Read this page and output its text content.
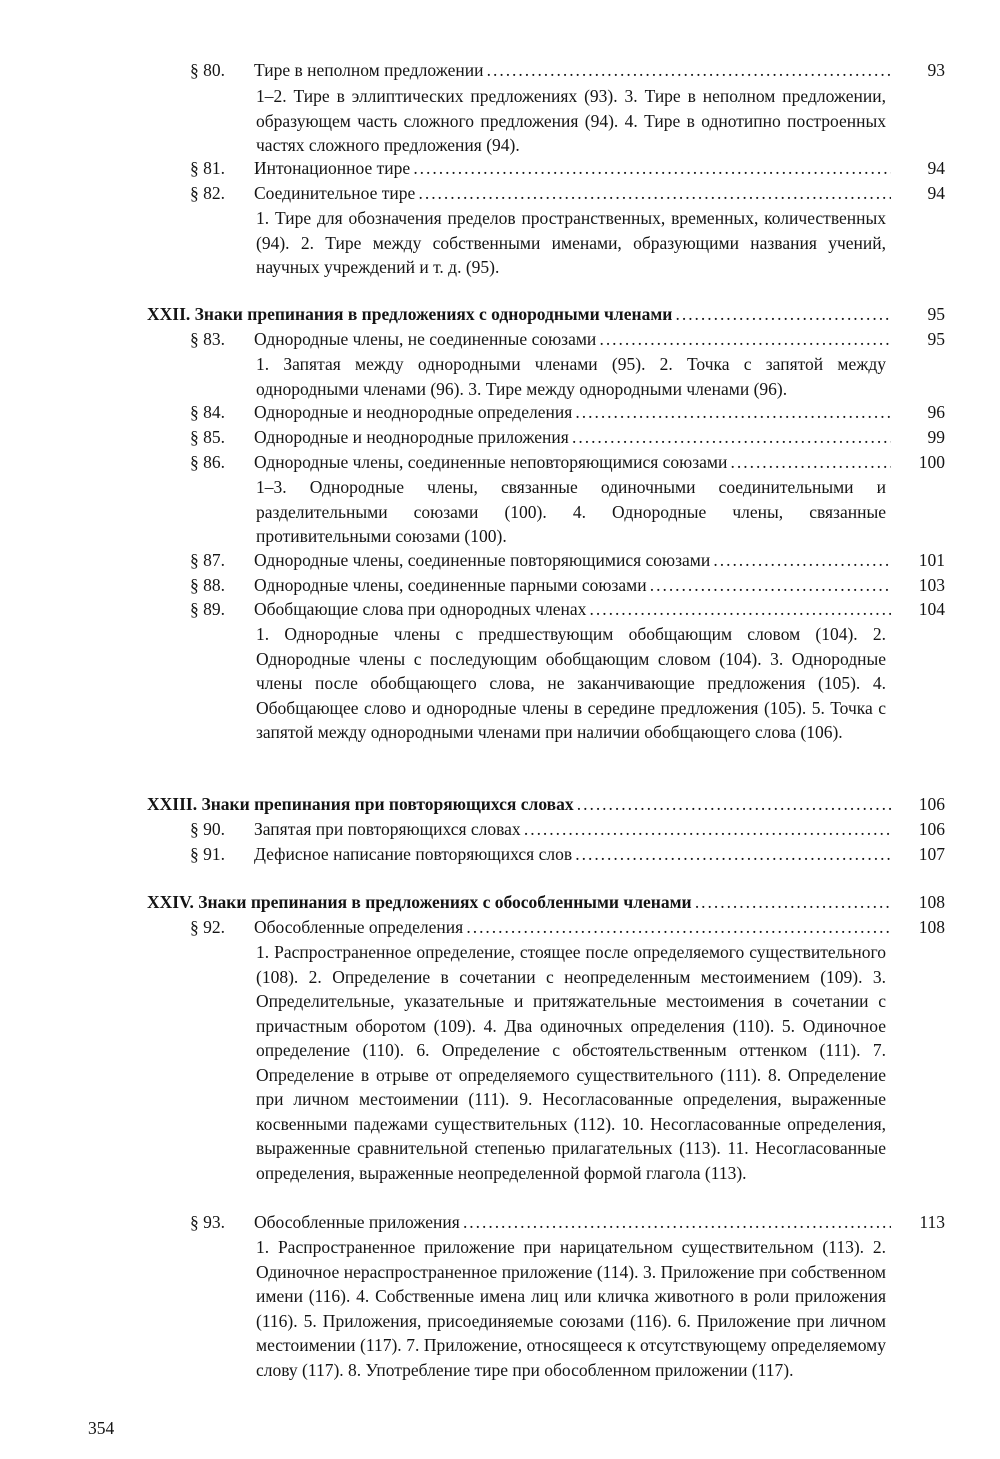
§ 80. Тире в неполном предложении . . .	93
1–2. Тире в эллиптических предложениях (93). 3. Тире в неполном предложении, образующем часть сложного предложения (94). 4. Тире в однотипно построенных частях сложного предложения (94).
§ 81. Интонационное тире . . .	94
§ 82. Соединительное тире . . .	94
1. Тире для обозначения пределов пространственных, временных, количественных (94). 2. Тире между собственными именами, образующими названия учений, научных учреждений и т. д. (95).
XXII. Знаки препинания в предложениях с однородными членами . . .	95
§ 83. Однородные члены, не соединенные союзами . . .	95
1. Запятая между однородными членами (95). 2. Точка с запятой между однородными членами (96). 3. Тире между однородными членами (96).
§ 84. Однородные и неоднородные определения . . .	96
§ 85. Однородные и неоднородные приложения . . .	99
§ 86. Однородные члены, соединенные неповторяющимися союзами . . .	100
1–3. Однородные члены, связанные одиночными соединительными и разделительными союзами (100). 4. Однородные члены, связанные противительными союзами (100).
§ 87. Однородные члены, соединенные повторяющимися союзами . . .	101
§ 88. Однородные члены, соединенные парными союзами . . .	103
§ 89. Обобщающие слова при однородных членах . . .	104
1. Однородные члены с предшествующим обобщающим словом (104). 2. Однородные члены с последующим обобщающим словом (104). 3. Однородные члены после обобщающего слова, не заканчивающие предложения (105). 4. Обобщающее слово и однородные члены в середине предложения (105). 5. Точка с запятой между однородными членами при наличии обобщающего слова (106).
XXIII. Знаки препинания при повторяющихся словах . . .	106
§ 90. Запятая при повторяющихся словах . . .	106
§ 91. Дефисное написание повторяющихся слов . . .	107
XXIV. Знаки препинания в предложениях с обособленными членами . . .	108
§ 92. Обособленные определения . . .	108
1. Распространенное определение, стоящее после определяемого существительного (108). 2. Определение в сочетании с неопределенным местоимением (109). 3. Определительные, указательные и притяжательные местоимения в сочетании с причастным оборотом (109). 4. Два одиночных определения (110). 5. Одиночное определение (110). 6. Определение с обстоятельственным оттенком (111). 7. Определение в отрыве от определяемого существительного (111). 8. Определение при личном местоимении (111). 9. Несогласованные определения, выраженные косвенными падежами существительных (112). 10. Несогласованные определения, выраженные сравнительной степенью прилагательных (113). 11. Несогласованные определения, выраженные неопределенной формой глагола (113).
§ 93. Обособленные приложения . . .	113
1. Распространенное приложение при нарицательном существительном (113). 2. Одиночное нераспространенное приложение (114). 3. Приложение при собственном имени (116). 4. Собственные имена лиц или кличка животного в роли приложения (116). 5. Приложения, присоединяемые союзами (116). 6. Приложение при личном местоимении (117). 7. Приложение, относящееся к отсутствующему определяемому слову (117). 8. Употребление тире при обособленном приложении (117).
354
